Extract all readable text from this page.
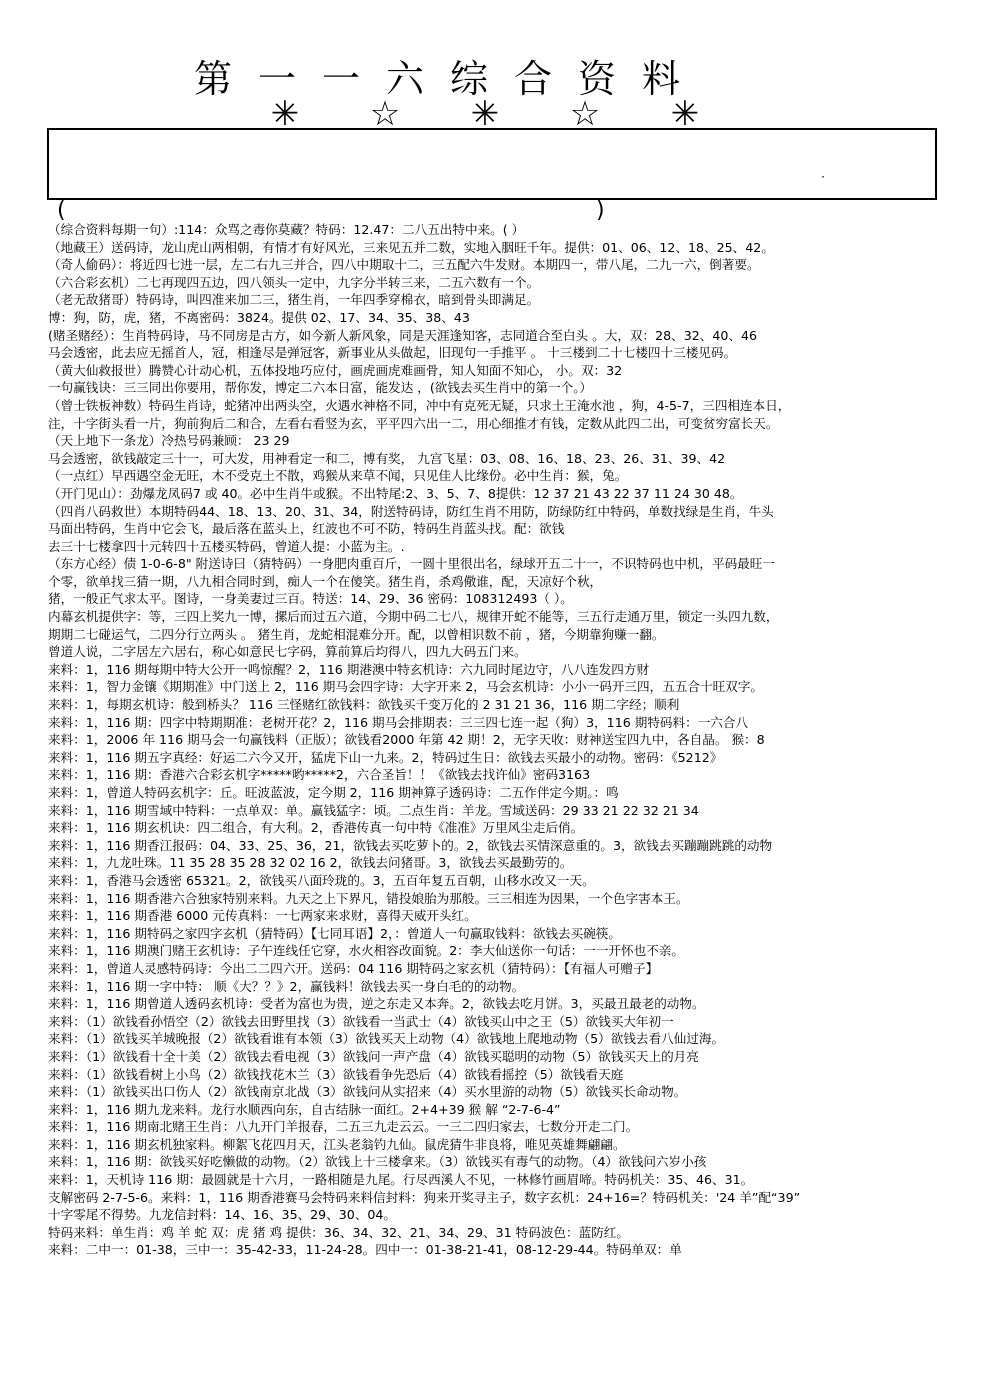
第一一六综合资料
✳ ☆ ✳ ☆ ✳
·
(	)
（综合资料每期一句）:114：众骂之毒你莫藏？特码：12.47：二八五出特中来。( ）
（地藏王）送码诗，龙山虎山两相朝，有情才有好风光，三来见五并二数，实地入胭旺千年。提供：01、06、12、18、25、42。
（奇人偷码）：将近四七进一层，左二右九三并合，四八中期取十二，三五配六牛发财。本期四一，带八尾，二九一六，倒著要。
（六合彩玄机）二七再现四五边，四八领头一定中，九字分半转三来，二五六数有一个。
（老无敌猪哥）特码诗，叫四准来加二三，猪生肖，一年四季穿棉衣，暗到骨头即满足。
博：狗，防，虎，猪，不离密码：3824。提供 02、17、34、35、38、43
(赌圣赌经）：生肖特码诗，马不同房是古方，如今新人新风象，同是天涯逢知客，志同道合至白头 。大，双：28、32、40、46
马会透密，此去应无摇首人，冠，相逢尽是弹冠客，新事业从头做起，旧现句一手推平 。 十三楼到二十七楼四十三楼见码。
（黄大仙救报世）腾赞心计动心机，五体投地巧应付，画虎画虎难画骨，知人知面不知心， 小。双：32
一句赢钱诀：三三同出你要用，帮你发，博定二六本日富，能发达 ，(欲钱去买生肖中的第一个。）
（曾士铁板神数）特码生肖诗，蛇猪冲出两头空，火遇水神格不同，冲中有克死无疑，只求土王淹水池 ，狗，4-5-7，三四相连本日，
注，十字街头看一片，狗前狗后二和合，左看右看竖为玄，平平四六出一二，用心细推才有钱，定数从此四二出，可变贫穷富长天。
（天上地下一条龙）冷热号码兼顾： 23 29
马会透密，欲钱敲定三十一，可大发，用神看定一和二，博有奖， 九宫飞星：03、08、16、18、23、26、31、39、42
（一点红）早西遇空金无旺，木不受克土不散，鸡猴从来草不闻，只见佳人比缘份。必中生肖：猴，兔。
（开门见山）：劲爆龙凤码7 或 40。必中生肖牛或猴。不出特尾:2、3、5、7、8提供：12 37 21 43 22 37 11 24 30 48。
（四肖八码救世）本期特码44、18、13、20、31、34，附送特码诗，防红生肖不用防，防绿防红中特码，单数找绿是生肖，牛头
马面出特码，生肖中它会飞，最后落在蓝头上，红波也不可不防，特码生肖蓝头找。配：欲钱
去三十七楼拿四十元转四十五楼买特码，曾道人提：小蓝为主。.
（东方心经）债 1-0-6-8" 附送诗曰（猜特码）一身肥肉重百斤，一圆十里很出名，绿球开五二十一，不识特码也中机，平码最旺一
个零，欲单找三猜一期，八九相合同时到，痴人一个在傻笑。猪生肖，杀鸡儆谁，配，天凉好个秋，
猪，一般正气求太平。图诗，一身美妻过三百。特送：14、29、36 密码：108312493（ ）。
内幕玄机提供字：等，三四上奖九一博，摞后而过五六道，今期中码二七八，规律开蛇不能等，三五行走通万里，锁定一头四九数，
期期二七碰运气，二四分行立两头 。 猪生肖，龙蛇相混难分开。配，以曾相识数不前 ，猪，今期靠狗赚一翻。
曾道人说，二字居左六居右，称心如意民七字码，算前算后均得八，四九大码五门来。
来料：1，116 期每期中特大公开一鸣惊醒？2，116 期港澳中特玄机诗：六九同时尾边守，八八连发四方财
来料：1，智力金镶《期期准》中门送上 2，116 期马会四字诗：大字开来 2，马会玄机诗：小小一码开三四，五五合十旺双字。
来料：1，每期玄机诗：般到桥头？ 116 三怪赌红欲钱料：欲钱买千变万化的 2 31 21 36，116 期二字经；顺利
来料：1，116 期：四字中特期期准：老树开花？2，116 期马会排期表：三三四七连一起（狗）3，116 期特码料：一六合八
来料：1，2006 年 116 期马会一句赢钱料（正版）；欲钱看2000 年第 42 期！2，无字天收：财神送宝四九中，各自晶。 猴：8
来料：1，116 期五字真经：好运二六今又开，猛虎下山一九来。2，特码过生日：欲钱去买最小的动物。密码：《5212》
来料：1，116 期：香港六合彩玄机字*****哟*****2，六合圣旨！！《欲钱去找许仙》密码3163
来料：1，曾道人特码玄机字：丘。旺波蓝波，定今期 2，116 期神算子透码诗：二五作伴定今期。：鸣
来料：1，116 期雪域中特料：一点单双：单。赢钱猛字：顷。二点生肖：羊龙。雪域送码：29 33 21 22 32 21 34
来料：1，116 期玄机诀：四二组合，有大利。2，香港传真一句中特《准准》万里风尘走后俏。
来料：1，116 期香江报码：04、33、25、36，21，欲钱去买吃萝卜的。2，欲钱去买情深意重的。3，欲钱去买蹦蹦跳跳的动物
来料：1，九龙吐珠。11 35 28 35 28 32 02 16 2，欲钱去问猪哥。3，欲钱去买最勤劳的。
来料：1，香港马会透密 65321。2，欲钱买八面玲珑的。3，五百年复五百朝，山移水改又一天。
来料：1，116 期香港六合独家特别来料。九天之上下界凡，错投娘胎为那般。三三相连为因果，一个色字害本王。
来料：1，116 期香港 6000 元传真料：一七两家来求财，喜得天威开头红。
来料：1，116 期特码之家四字玄机（猜特码）【七同耳语】2，：曾道人一句赢取钱料：欲钱去买碗筷。
来料：1，116 期澳门赌王玄机诗：子午连线任它穿，水火相容改面貌。2：李大仙送你一句话：一一开怀也不亲。
来料：1，曾道人灵感特码诗：今出二二四六开。送码：04 116 期特码之家玄机（猜特码）：【有福人可赠子】
来料：1，116 期一字中特： 顺《大？？》2，赢钱料！欲钱去买一身白毛的的动物。
来料：1，116 期曾道人透码玄机诗：受者为富也为贵，逆之东走又本奔。2，欲钱去吃月饼。3，买最丑最老的动物。
来料：（1）欲钱看孙悟空（2）欲钱去田野里找（3）欲钱看一当武士（4）欲钱买山中之王（5）欲钱买大年初一
来料：（1）欲钱买羊城晚报（2）欲钱看谁有本领（3）欲钱买天上动物（4）欲钱地上爬地动物（5）欲钱去看八仙过海。
来料：（1）欲钱看十全十美（2）欲钱去看电视（3）欲钱问一声产盘（4）欲钱买聪明的动物（5）欲钱买天上的月亮
来料：（1）欲钱看树上小鸟（2）欲钱找花木兰（3）欲钱看争先恐后（4）欲钱看摇控（5）欲钱看天庭
来料：（1）欲钱买出口伤人（2）欲钱南京北战（3）欲钱问从实招来（4）买水里游的动物（5）欲钱买长命动物。
来料：1，116 期九龙来料。龙行水顺西向东，自古结脉一面红。2+4+39 猴 解 “2-7-6-4”
来料：1，116 期南北赌王生肖：八九开门羊报春，二五三九走云云。一三二四归家去，七数分开走二门。
来料：1，116 期玄机独家料。柳絮飞花四月天，江头老翁钓九仙。鼠虎猜牛非良将，唯见英雄舞翩翩。
来料：1，116 期：欲钱买好吃懒做的动物。（2）欲钱上十三楼拿来。（3）欲钱买有毒气的动物。（4）欲钱问六岁小孩
来料：1，天机诗 116 期：最圆就是十六月，一路相随是九尾。行尽西溪人不见，一林修竹画眉啼。特码机关：35、46、31。
支解密码 2-7-5-6。来料：1，116 期香港赛马会特码来料信封料：狗来开奖寻主子，数字玄机：24+16=？特码机关：'24 羊”配“39”
十字零尾不得势。九龙信封料：14、16、35、29、30、04。
特码来料：单生肖：鸡 羊 蛇 双：虎 猪 鸡 提供：36、34、32、21、34、29、31 特码波色：蓝防红。
来料：二中一：01-38，三中一：35-42-33，11-24-28。四中一：01-38-21-41，08-12-29-44。特码单双：单
